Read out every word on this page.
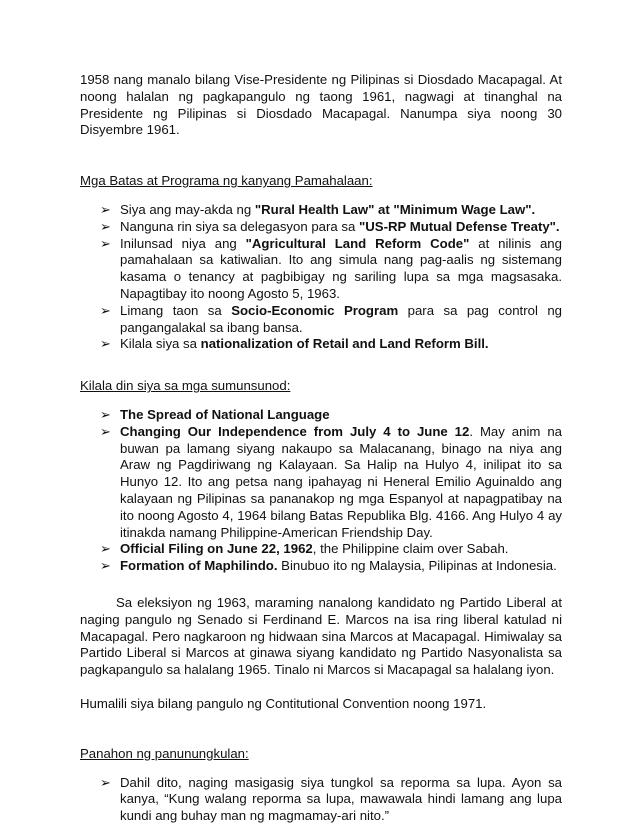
1958 nang manalo bilang Vise-Presidente ng Pilipinas si Diosdado Macapagal. At noong halalan ng pagkapangulo ng taong 1961, nagwagi at tinanghal na Presidente ng Pilipinas si Diosdado Macapagal. Nanumpa siya noong 30 Disyembre 1961.

Mga Batas at Programa ng kanyang Pamahalaan:

➢ Siya ang may-akda ng "Rural Health Law" at "Minimum Wage Law".
➢ Nanguna rin siya sa delegasyon para sa "US-RP Mutual Defense Treaty".
➢ Inilunsad niya ang "Agricultural Land Reform Code" at nilinis ang pamahalaan sa katiwalian. Ito ang simula nang pag-aalis ng sistemang kasama o tenancy at pagbibigay ng sariling lupa sa mga magsasaka. Napagtibay ito noong Agosto 5, 1963.
➢ Limang taon sa Socio-Economic Program para sa pag control ng pangangalakal sa ibang bansa.
➢ Kilala siya sa nationalization of Retail and Land Reform Bill.

Kilala din siya sa mga sumunsunod:

➢ The Spread of National Language
➢ Changing Our Independence from July 4 to June 12. May anim na buwan pa lamang siyang nakaupo sa Malacanang, binago na niya ang Araw ng Pagdiriwang ng Kalayaan. Sa Halip na Hulyo 4, inilipat ito sa Hunyo 12. Ito ang petsa nang ipahayag ni Heneral Emilio Aguinaldo ang kalayaan ng Pilipinas sa pananakop ng mga Espanyol at napagpatibay na ito noong Agosto 4, 1964 bilang Batas Republika Blg. 4166. Ang Hulyo 4 ay itinakda namang Philippine-American Friendship Day.
➢ Official Filing on June 22, 1962, the Philippine claim over Sabah.
➢ Formation of Maphilindo. Binubuo ito ng Malaysia, Pilipinas at Indonesia.

Sa eleksiyon ng 1963, maraming nanalong kandidato ng Partido Liberal at naging pangulo ng Senado si Ferdinand E. Marcos na isa ring liberal katulad ni Macapagal. Pero nagkaroon ng hidwaan sina Marcos at Macapagal. Himiwalay sa Partido Liberal si Marcos at ginawa siyang kandidato ng Partido Nasyonalista sa pagkapangulo sa halalang 1965. Tinalo ni Marcos si Macapagal sa halalang iyon.

Humalili siya bilang pangulo ng Contitutional Convention noong 1971.

Panahon ng panunungkulan:

➢ Dahil dito, naging masigasig siya tungkol sa reporma sa lupa. Ayon sa kanya, “Kung walang reporma sa lupa, mawawala hindi lamang ang lupa kundi ang buhay man ng magmamay-ari nito.”
